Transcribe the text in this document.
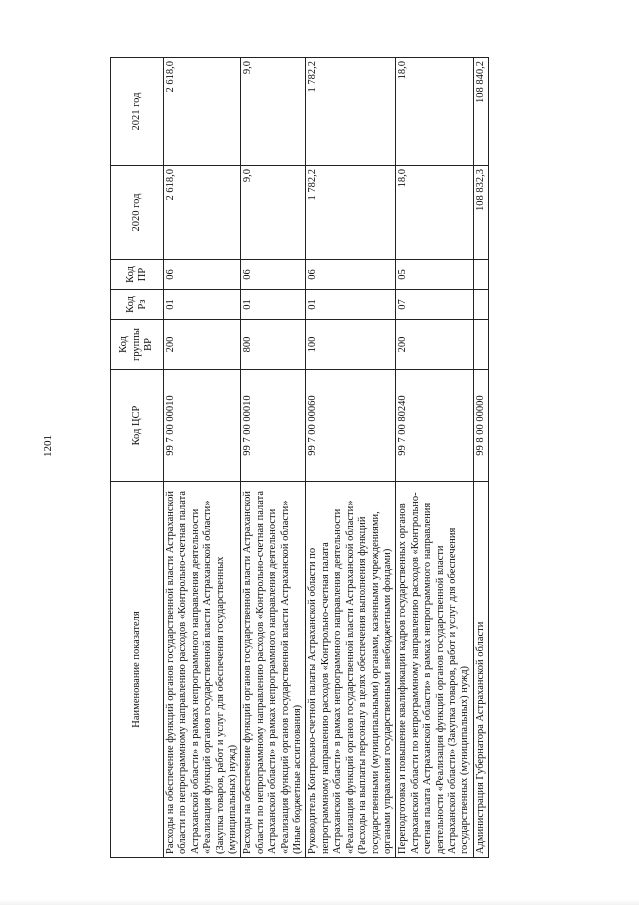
1201
Наименование показателя	Код ЦСР	Код группы ВР	Код Рз	Код ПР	2020 год	2021 год
Расходы на обеспечение функций органов государственной власти Астраханской области по непрограммному направлению расходов «Контрольно-счетная палата Астраханской области» в рамках непрограммного направления деятельности «Реализация функций органов государственной власти Астраханской области» (Закупка товаров, работ и услуг для обеспечения государственных (муниципальных) нужд)	99 7 00 00010	200	01	06	2 618,0	2 618,0
Расходы на обеспечение функций органов государственной власти Астраханской области по непрограммному направлению расходов «Контрольно-счетная палата Астраханской области» в рамках непрограммного направления деятельности «Реализация функций органов государственной власти Астраханской области» (Иные бюджетные ассигнования)	99 7 00 00010	800	01	06	9,0	9,0
Руководитель Контрольно-счетной палаты Астраханской области по непрограммному направлению расходов «Контрольно-счетная палата Астраханской области» в рамках непрограммного направления деятельности «Реализация функций органов государственной власти Астраханской области» (Расходы на выплаты персоналу в целях обеспечения выполнения функций государственными (муниципальными) органами, казенными учреждениями, органами управления государственными внебюджетными фондами)	99 7 00 00060	100	01	06	1 782,2	1 782,2
Переподготовка и повышение квалификации кадров государственных органов Астраханской области по непрограммному направлению расходов «Контрольно-счетная палата Астраханской области» в рамках непрограммного направления деятельности «Реализация функций органов государственной власти Астраханской области» (Закупка товаров, работ и услуг для обеспечения государственных (муниципальных) нужд)	99 7 00 80240	200	07	05	18,0	18,0
Администрация Губернатора Астраханской области	99 8 00 00000				108 832,3	108 840,2
